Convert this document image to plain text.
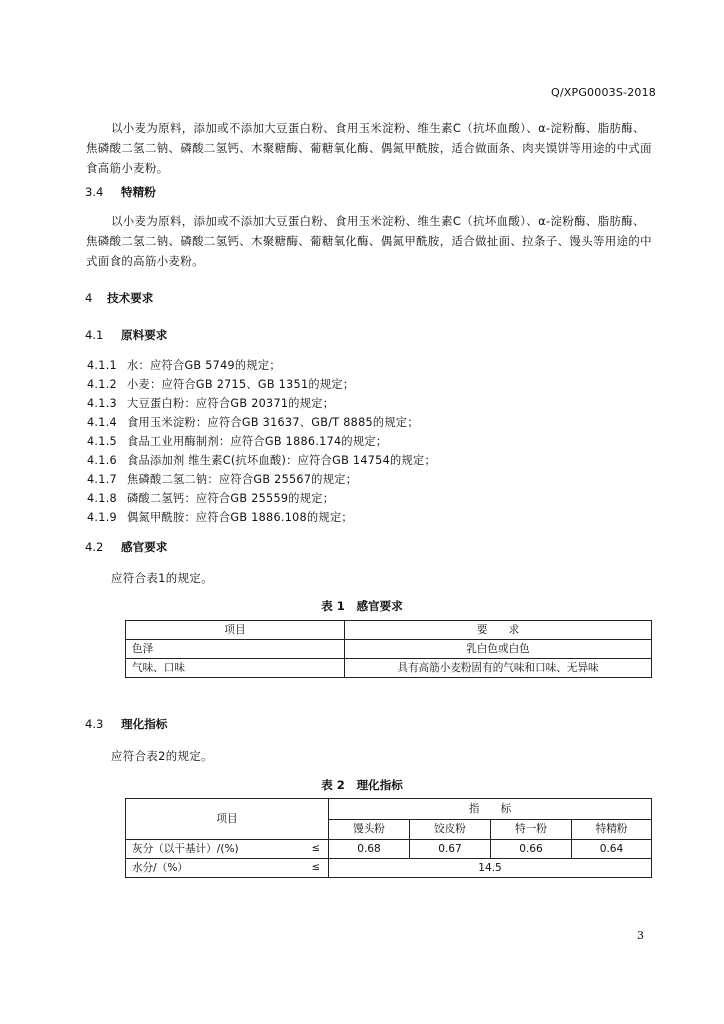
Q/XPG0003S-2018

以小麦为原料，添加或不添加大豆蛋白粉、食用玉米淀粉、维生素C（抗坏血酸）、α-淀粉酶、脂肪酶、焦磷酸二氢二钠、磷酸二氢钙、木聚糖酶、葡糖氧化酶、偶氮甲酰胺，适合做面条、肉夹馍饼等用途的中式面食高筋小麦粉。

3.4 特精粉

以小麦为原料，添加或不添加大豆蛋白粉、食用玉米淀粉、维生素C（抗坏血酸）、α-淀粉酶、脂肪酶、焦磷酸二氢二钠、磷酸二氢钙、木聚糖酶、葡糖氧化酶、偶氮甲酰胺，适合做扯面、拉条子、馒头等用途的中式面食的高筋小麦粉。

4 技术要求
4.1 原料要求
4.1.1 水：应符合GB 5749的规定；
4.1.2 小麦：应符合GB 2715、GB 1351的规定；
4.1.3 大豆蛋白粉：应符合GB 20371的规定；
4.1.4 食用玉米淀粉：应符合GB 31637、GB/T 8885的规定；
4.1.5 食品工业用酶制剂：应符合GB 1886.174的规定；
4.1.6 食品添加剂 维生素C(抗坏血酸)：应符合GB 14754的规定；
4.1.7 焦磷酸二氢二钠：应符合GB 25567的规定；
4.1.8 磷酸二氢钙：应符合GB 25559的规定；
4.1.9 偶氮甲酰胺：应符合GB 1886.108的规定；
4.2 感官要求

应符合表1的规定。

表 1　感官要求
项目	要　　求
色泽	乳白色或白色
气味、口味	具有高筋小麦粉固有的气味和口味、无异味
4.3 理化指标

应符合表2的规定。

表 2　理化指标
项目	指　　标			
	馒头粉	饺皮粉	特一粉	特精粉
灰分（以干基计）/(%) ≤	0.68	0.67	0.66	0.64
水分/（%） ≤	14.5			
3
